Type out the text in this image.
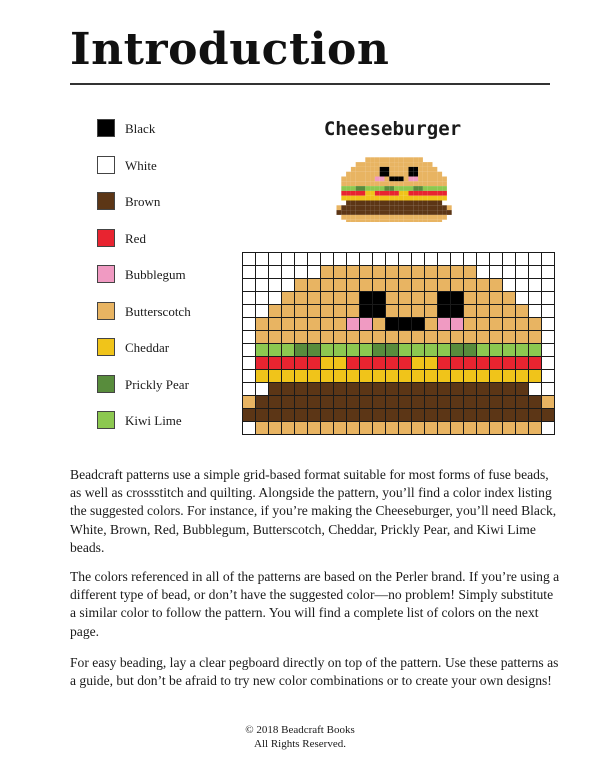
Introduction
Black
White
Brown
Red
Bubblegum
Butterscotch
Cheddar
Prickly Pear
Kiwi Lime
Cheeseburger

Beadcraft patterns use a simple grid-based format suitable for most forms of fuse beads, as well as crossstitch and quilting. Alongside the pattern, you’ll find a color index listing the suggested colors. For instance, if you’re making the Cheeseburger, you’ll need Black, White, Brown, Red, Bubblegum, Butterscotch, Cheddar, Prickly Pear, and Kiwi Lime beads.

The colors referenced in all of the patterns are based on the Perler brand. If you’re using a different type of bead, or don’t have the suggested color—no problem! Simply substitute a similar color to follow the pattern. You will find a complete list of colors on the next page.

For easy beading, lay a clear pegboard directly on top of the pattern. Use these patterns as a guide, but don’t be afraid to try new color combinations or to create your own designs!

© 2018 Beadcraft Books

All Rights Reserved.
